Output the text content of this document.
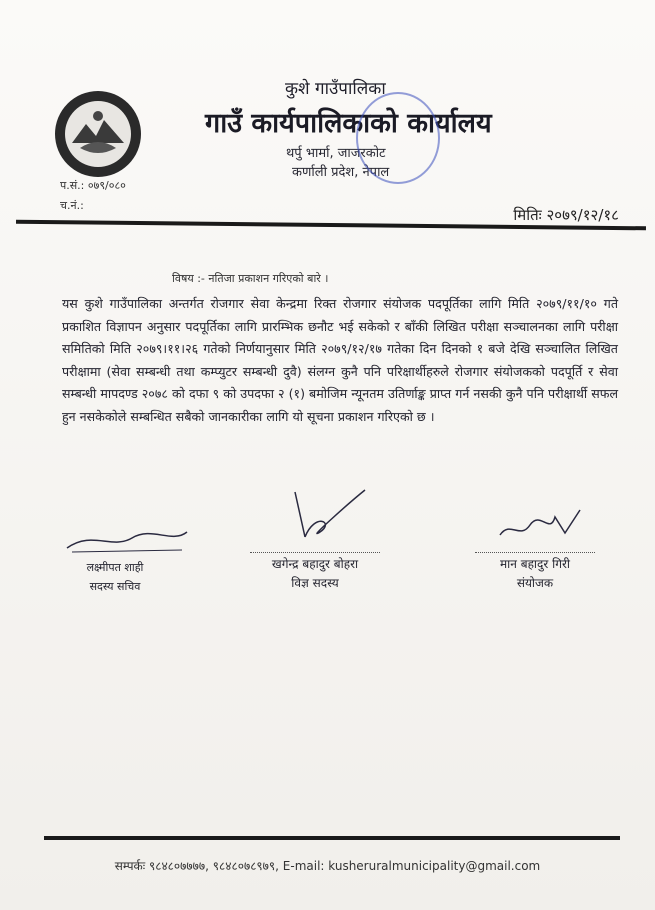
कुशे गाउँपालिका
गाउँ कार्यपालिकाको कार्यालय
थर्पु भार्मा, जाजरकोट
कर्णाली प्रदेश, नेपाल
प.सं.: ०७९/०८०
च.नं.:
मितिः २०७९/१२/१८
विषय :- नतिजा प्रकाशन गरिएको बारे ।
यस कुशे गाउँपालिका अन्तर्गत रोजगार सेवा केन्द्रमा रिक्त रोजगार संयोजक पदपूर्तिका लागि मिति २०७९/११/१० गते प्रकाशित विज्ञापन अनुसार पदपूर्तिका लागि प्रारम्भिक छनौट भई सकेको र बाँकी लिखित परीक्षा सञ्चालनका लागि परीक्षा समितिको मिति २०७९।११।२६ गतेको निर्णयानुसार मिति २०७९/१२/१७ गतेका दिन दिनको १ बजे देखि सञ्चालित लिखित परीक्षामा (सेवा सम्बन्धी तथा कम्प्युटर सम्बन्धी दुवै) संलग्न कुनै पनि परिक्षार्थीहरुले रोजगार संयोजकको पदपूर्ति र सेवा सम्बन्धी मापदण्ड २०७८ को दफा ९ को उपदफा २ (१) बमोजिम न्यूनतम उतिर्णाङ्क प्राप्त गर्न नसकी कुनै पनि परीक्षार्थी सफल हुन नसकेकोले सम्बन्धित सबैको जानकारीका लागि यो सूचना प्रकाशन गरिएको छ ।
लक्ष्मीपत शाही
सदस्य सचिव
खगेन्द्र बहादुर बोहरा
विज्ञ सदस्य
मान बहादुर गिरी
संयोजक
सम्पर्कः ९८४८०७७७७, ९८४८०७८९७९, E-mail: kusheruralmunicipality@gmail.com
